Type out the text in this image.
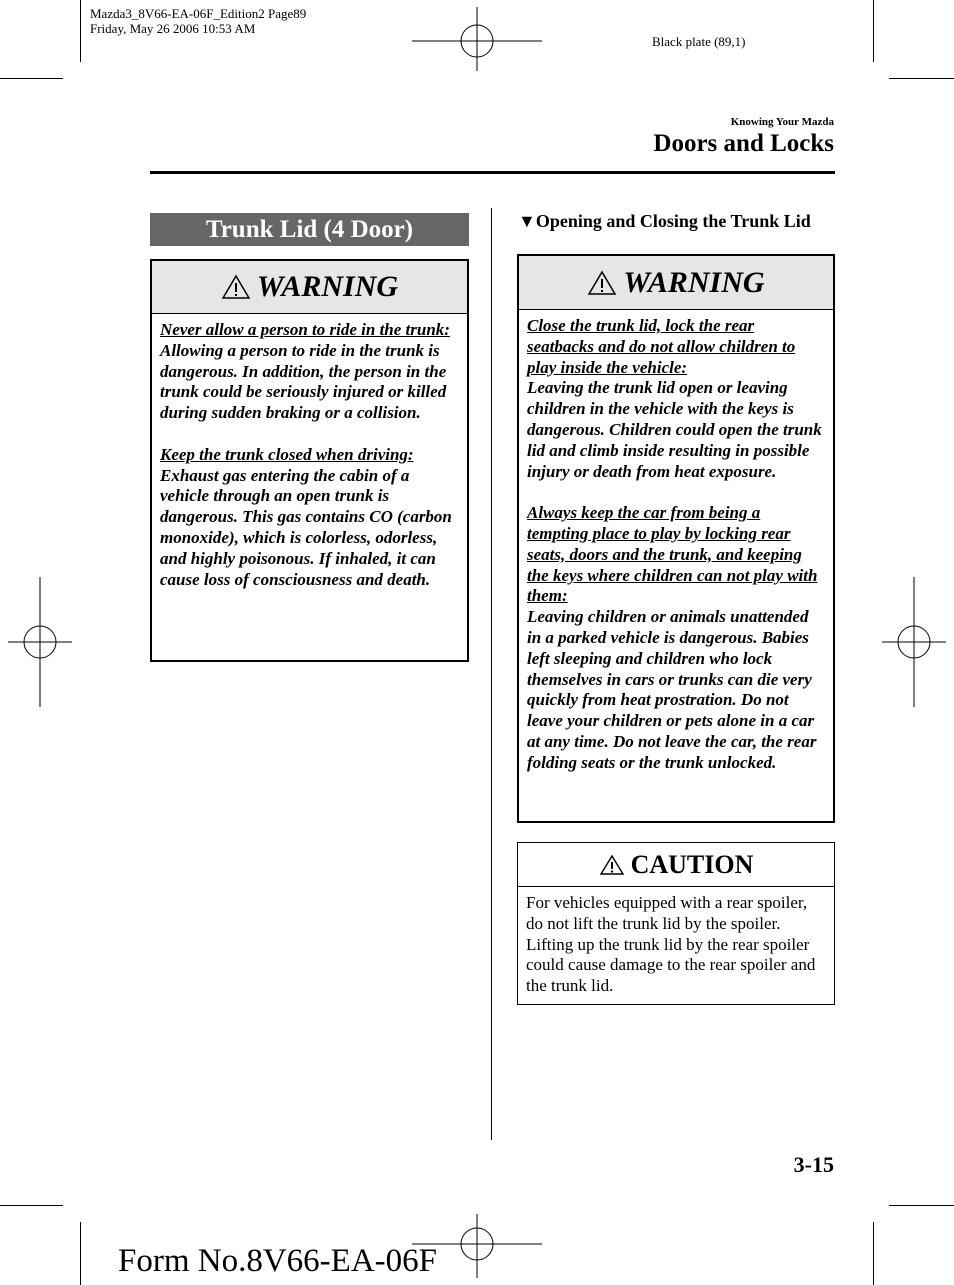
Mazda3_8V66-EA-06F_Edition2 Page89
Friday, May 26 2006 10:53 AM
Black plate (89,1)
Knowing Your Mazda
Doors and Locks
Trunk Lid (4 Door)
WARNING

Never allow a person to ride in the trunk:
Allowing a person to ride in the trunk is dangerous. In addition, the person in the trunk could be seriously injured or killed during sudden braking or a collision.

Keep the trunk closed when driving:
Exhaust gas entering the cabin of a vehicle through an open trunk is dangerous. This gas contains CO (carbon monoxide), which is colorless, odorless, and highly poisonous. If inhaled, it can cause loss of consciousness and death.

▼Opening and Closing the Trunk Lid
WARNING

Close the trunk lid, lock the rear seatbacks and do not allow children to play inside the vehicle:
Leaving the trunk lid open or leaving children in the vehicle with the keys is dangerous. Children could open the trunk lid and climb inside resulting in possible injury or death from heat exposure.

Always keep the car from being a tempting place to play by locking rear seats, doors and the trunk, and keeping the keys where children can not play with them:
Leaving children or animals unattended in a parked vehicle is dangerous. Babies left sleeping and children who lock themselves in cars or trunks can die very quickly from heat prostration. Do not leave your children or pets alone in a car at any time. Do not leave the car, the rear folding seats or the trunk unlocked.

CAUTION

For vehicles equipped with a rear spoiler, do not lift the trunk lid by the spoiler. Lifting up the trunk lid by the rear spoiler could cause damage to the rear spoiler and the trunk lid.

3-15
Form No.8V66-EA-06F
